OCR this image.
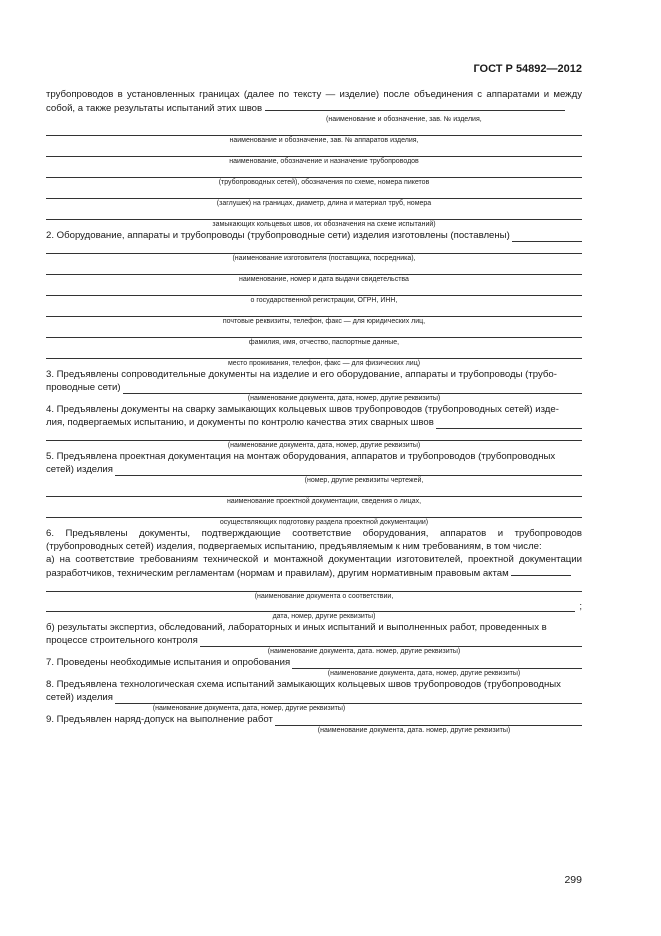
ГОСТ Р 54892—2012
трубопроводов в установленных границах (далее по тексту — изделие) после объединения с аппаратами и между собой, а также результаты испытаний этих швов
(наименование и обозначение, зав. № изделия,
наименование и обозначение, зав. № аппаратов изделия,
наименование, обозначение и назначение трубопроводов
(трубопроводных сетей), обозначения по схеме, номера пикетов
(заглушек) на границах, диаметр, длина и материал труб, номера
замыкающих кольцевых швов, их обозначения на схеме испытаний)
2. Оборудование, аппараты и трубопроводы (трубопроводные сети) изделия изготовлены (поставлены)
(наименование изготовителя (поставщика, посредника),
наименование, номер и дата выдачи свидетельства
о государственной регистрации, ОГРН, ИНН,
почтовые реквизиты, телефон, факс — для юридических лиц,
фамилия, имя, отчество, паспортные данные,
место проживания, телефон, факс — для физических лиц)
3. Предъявлены сопроводительные документы на изделие и его оборудование, аппараты и трубопроводы (трубо-
проводные сети)
(наименование документа, дата, номер, другие реквизиты)
4. Предъявлены документы на сварку замыкающих кольцевых швов трубопроводов (трубопроводных сетей) изде-
лия, подвергаемых испытанию, и документы по контролю качества этих сварных швов
(наименование документа, дата, номер, другие реквизиты)
5. Предъявлена проектная документация на монтаж оборудования, аппаратов и трубопроводов (трубопроводных
сетей) изделия
(номер, другие реквизиты чертежей,
наименование проектной документации, сведения о лицах,
осуществляющих подготовку раздела проектной документации)
6. Предъявлены документы, подтверждающие соответствие оборудования, аппаратов и трубопроводов (трубопроводных сетей) изделия, подвергаемых испытанию, предъявляемым к ним требованиям, в том числе:
а) на соответствие требованиям технической и монтажной документации изготовителей, проектной документации разработчиков, техническим регламентам (нормам и правилам), другим нормативным правовым актам
(наименование документа о соответствии,
;
дата, номер, другие реквизиты)
б) результаты экспертиз, обследований, лабораторных и иных испытаний и выполненных работ, проведенных в
процессе строительного контроля
(наименование документа, дата. номер, другие реквизиты)
7. Проведены необходимые испытания и опробования
(наименование документа, дата, номер, другие реквизиты)
8. Предъявлена технологическая схема испытаний замыкающих кольцевых швов трубопроводов (трубопроводных
сетей) изделия
(наименование документа, дата, номер, другие реквизиты)
9. Предъявлен наряд-допуск на выполнение работ
(наименование документа, дата. номер, другие реквизиты)
299
